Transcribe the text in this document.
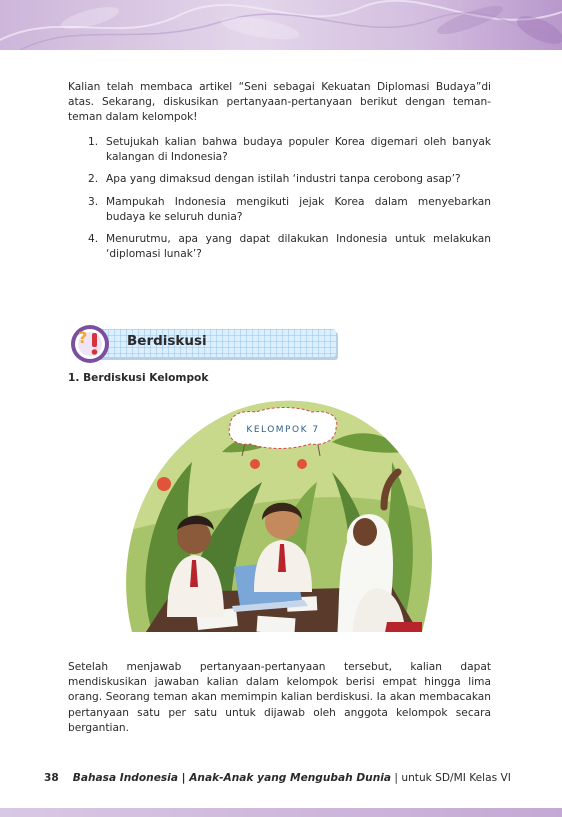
Kalian telah membaca artikel “Seni sebagai Kekuatan Diplomasi Budaya”di atas. Sekarang, diskusikan pertanyaan-pertanyaan berikut dengan teman-teman dalam kelompok!

1. Setujukah kalian bahwa budaya populer Korea digemari oleh banyak kalangan di Indonesia?
2. Apa yang dimaksud dengan istilah ‘industri tanpa cerobong asap’?
3. Mampukah Indonesia mengikuti jejak Korea dalam menyebarkan budaya ke seluruh dunia?
4. Menurutmu, apa yang dapat dilakukan Indonesia untuk melakukan ‘diplomasi lunak’?
?	Berdiskusi
1. Berdiskusi Kelompok
KELOMPOK 7

Setelah menjawab pertanyaan-pertanyaan tersebut, kalian dapat mendiskusikan jawaban kalian dalam kelompok berisi empat hingga lima orang. Seorang teman akan memimpin kalian berdiskusi. Ia akan membacakan pertanyaan satu per satu untuk dijawab oleh anggota kelompok secara bergantian.

38 Bahasa Indonesia | Anak-Anak yang Mengubah Dunia | untuk SD/MI Kelas VI
